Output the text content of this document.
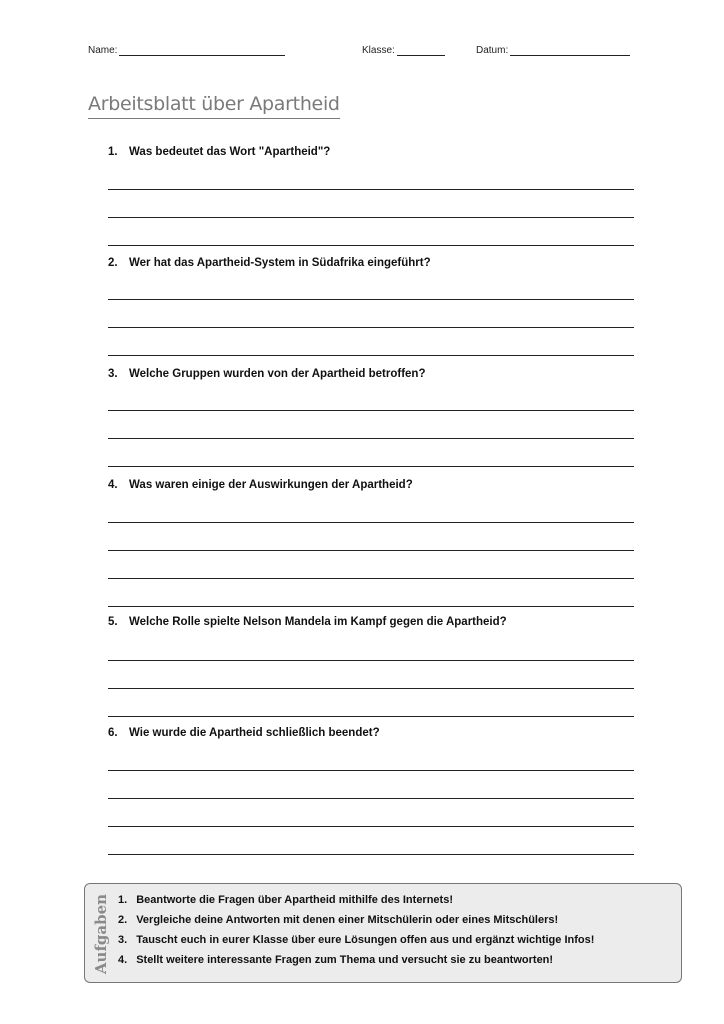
Name:	Klasse:	Datum:
Arbeitsblatt über Apartheid
1. Was bedeutet das Wort "Apartheid"?
2. Wer hat das Apartheid-System in Südafrika eingeführt?
3. Welche Gruppen wurden von der Apartheid betroffen?
4. Was waren einige der Auswirkungen der Apartheid?
5. Welche Rolle spielte Nelson Mandela im Kampf gegen die Apartheid?
6. Wie wurde die Apartheid schließlich beendet?
Aufgaben 1. Beantworte die Fragen über Apartheid mithilfe des Internets!
2. Vergleiche deine Antworten mit denen einer Mitschülerin oder eines Mitschülers!
3. Tauscht euch in eurer Klasse über eure Lösungen offen aus und ergänzt wichtige Infos!
4. Stellt weitere interessante Fragen zum Thema und versucht sie zu beantworten!
